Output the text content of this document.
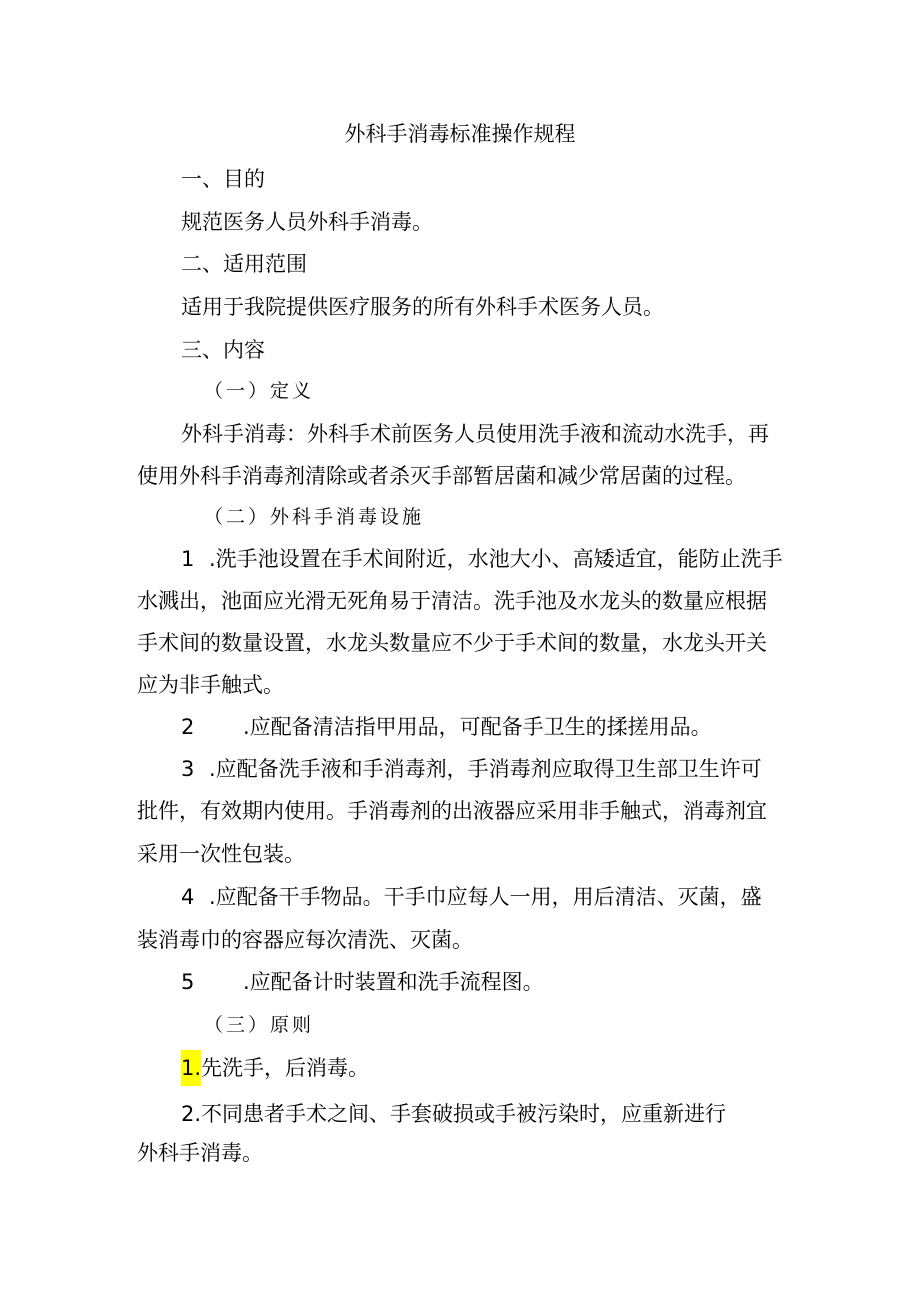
外科手消毒标准操作规程
一、目的
规范医务人员外科手消毒。
二、适用范围
适用于我院提供医疗服务的所有外科手术医务人员。
三、内容
（一）定义
外科手消毒：外科手术前医务人员使用洗手液和流动水洗手，再
使用外科手消毒剂清除或者杀灭手部暂居菌和减少常居菌的过程。
（二）外科手消毒设施
1 .洗手池设置在手术间附近，水池大小、高矮适宜，能防止洗手
水溅出，池面应光滑无死角易于清洁。洗手池及水龙头的数量应根据
手术间的数量设置，水龙头数量应不少于手术间的数量，水龙头开关
应为非手触式。
2 .应配备清洁指甲用品，可配备手卫生的揉搓用品。
3 .应配备洗手液和手消毒剂，手消毒剂应取得卫生部卫生许可
批件，有效期内使用。手消毒剂的出液器应采用非手触式，消毒剂宜
采用一次性包装。
4 .应配备干手物品。干手巾应每人一用，用后清洁、灭菌，盛
装消毒巾的容器应每次清洗、灭菌。
5 .应配备计时装置和洗手流程图。
（三）原则
1.先洗手，后消毒。
2.不同患者手术之间、手套破损或手被污染时，应重新进行
外科手消毒。
